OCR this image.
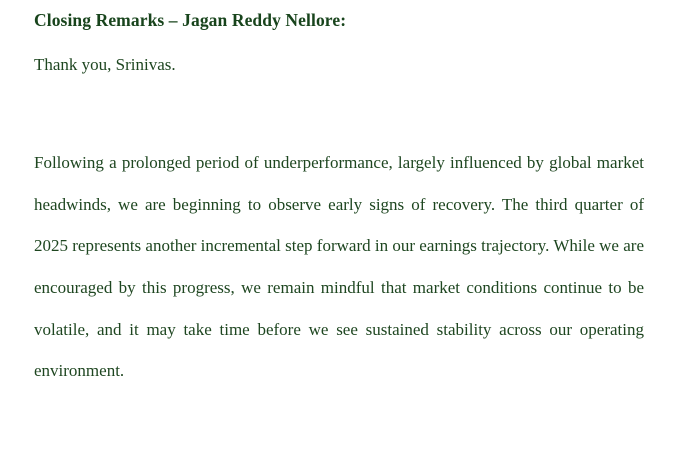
Closing Remarks – Jagan Reddy Nellore:

Thank you, Srinivas.

Following a prolonged period of underperformance, largely influenced by global market headwinds, we are beginning to observe early signs of recovery. The third quarter of 2025 represents another incremental step forward in our earnings trajectory. While we are encouraged by this progress, we remain mindful that market conditions continue to be volatile, and it may take time before we see sustained stability across our operating environment.
